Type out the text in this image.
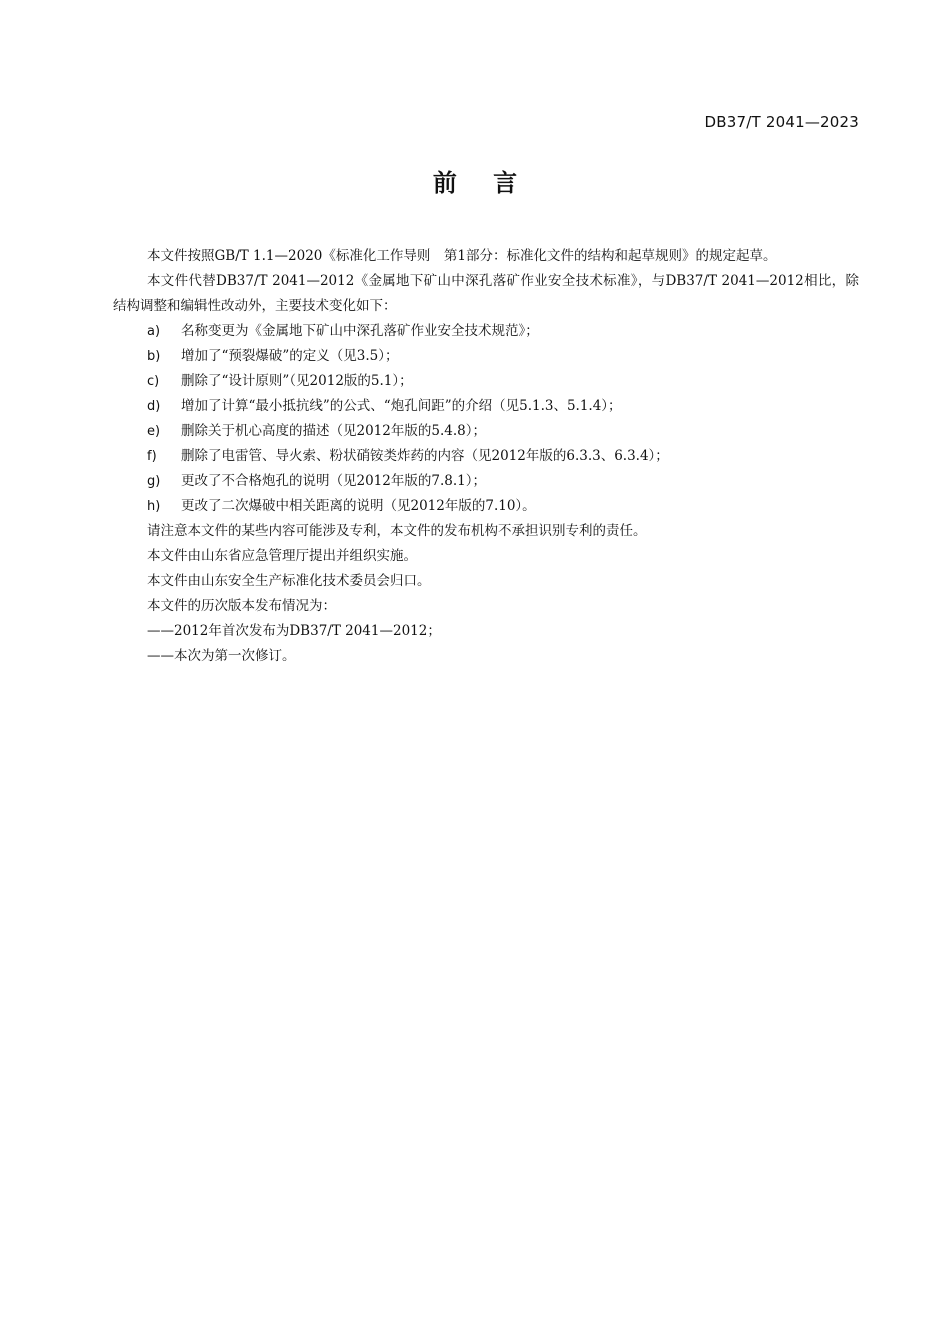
DB37/T 2041—2023
前 言

本文件按照GB/T 1.1—2020《标准化工作导则　第1部分：标准化文件的结构和起草规则》的规定起草。

本文件代替DB37/T 2041—2012《金属地下矿山中深孔落矿作业安全技术标准》，与DB37/T 2041—2012相比，除结构调整和编辑性改动外，主要技术变化如下：

a)	名称变更为《金属地下矿山中深孔落矿作业安全技术规范》；
b)	增加了“预裂爆破”的定义（见3.5）；
c)	删除了“设计原则”（见2012版的5.1）；
d)	增加了计算“最小抵抗线”的公式、“炮孔间距”的介绍（见5.1.3、5.1.4）；
e)	删除关于机心高度的描述（见2012年版的5.4.8）；
f)	删除了电雷管、导火索、粉状硝铵类炸药的内容（见2012年版的6.3.3、6.3.4）；
g)	更改了不合格炮孔的说明（见2012年版的7.8.1）；
h)	更改了二次爆破中相关距离的说明（见2012年版的7.10）。

请注意本文件的某些内容可能涉及专利，本文件的发布机构不承担识别专利的责任。

本文件由山东省应急管理厅提出并组织实施。

本文件由山东安全生产标准化技术委员会归口。

本文件的历次版本发布情况为：

——2012年首次发布为DB37/T 2041—2012；
——本次为第一次修订。
